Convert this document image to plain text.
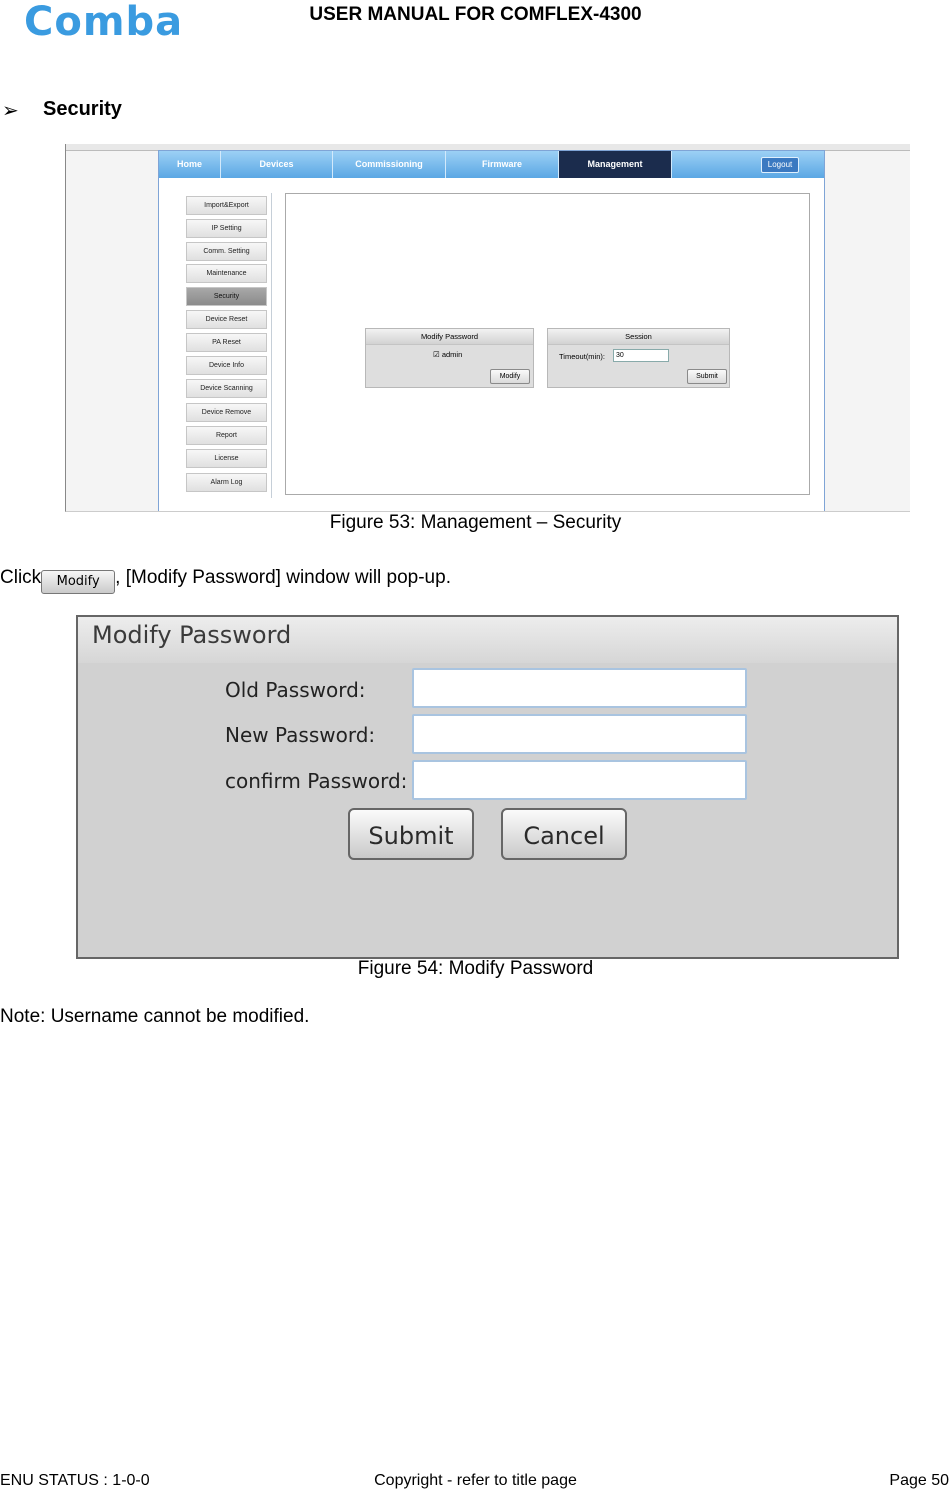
Comba	USER MANUAL FOR COMFLEX-4300
➢ Security
Home	Devices	Commissioning	Firmware	Management	Logout
Import&Export
IP Setting
Comm. Setting
Maintenance
Security
Device Reset
PA Reset
Device Info
Device Scanning
Device Remove
Report
License
Alarm Log
Modify Password
☑ admin
Modify
Session
Timeout(min):	30
Submit
Figure 53: Management – Security
Click Modify , [Modify Password] window will pop-up.
Modify Password
Old Password:
New Password:
confirm Password:
Submit	Cancel
Figure 54: Modify Password
Note: Username cannot be modified.
ENU STATUS : 1-0-0	Copyright - refer to title page	Page 50
